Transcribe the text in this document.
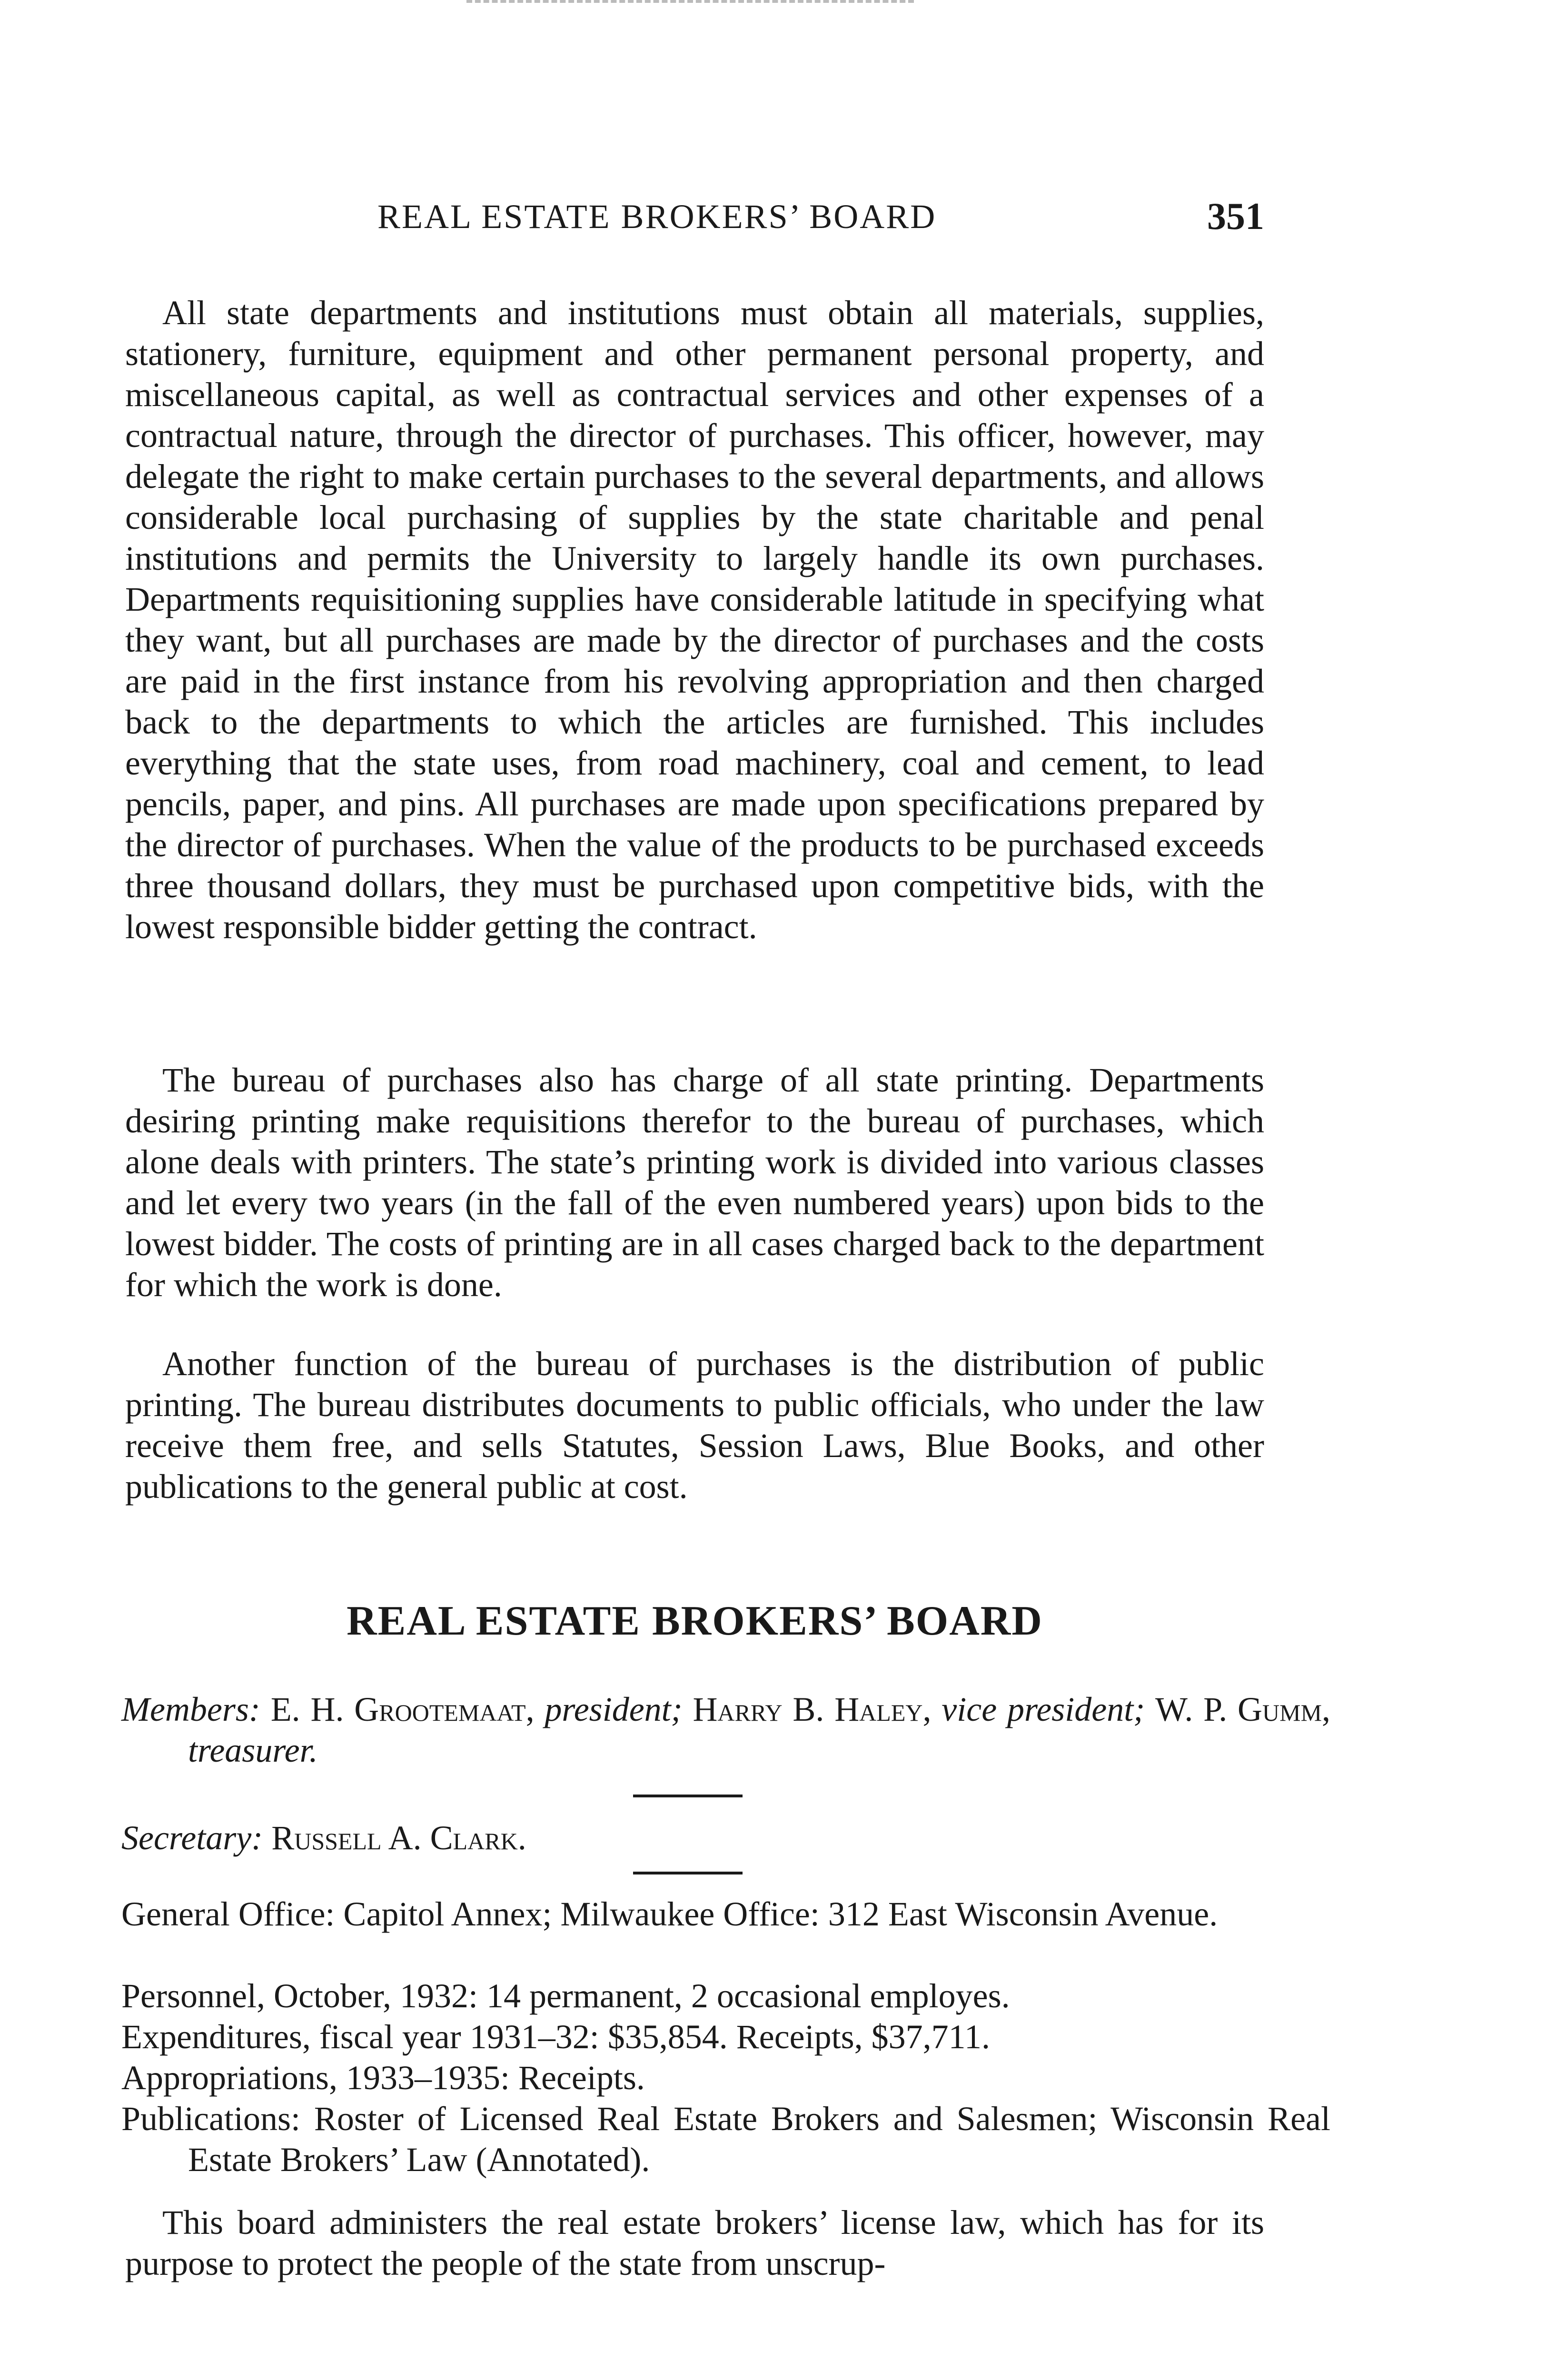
REAL ESTATE BROKERS’ BOARD	351
All state departments and institutions must obtain all materials, supplies, stationery, furniture, equipment and other permanent personal property, and miscellaneous capital, as well as contractual services and other expenses of a contractual nature, through the director of purchases. This officer, however, may delegate the right to make certain purchases to the several departments, and allows considerable local purchasing of supplies by the state charitable and penal institutions and permits the University to largely handle its own purchases. Departments requisitioning supplies have considerable latitude in specifying what they want, but all purchases are made by the director of purchases and the costs are paid in the first instance from his revolving appropriation and then charged back to the departments to which the articles are furnished. This includes everything that the state uses, from road machinery, coal and cement, to lead pencils, paper, and pins. All purchases are made upon specifications prepared by the director of purchases. When the value of the products to be purchased exceeds three thousand dollars, they must be purchased upon competitive bids, with the lowest responsible bidder getting the contract.
The bureau of purchases also has charge of all state printing. Departments desiring printing make requisitions therefor to the bureau of purchases, which alone deals with printers. The state’s printing work is divided into various classes and let every two years (in the fall of the even numbered years) upon bids to the lowest bidder. The costs of printing are in all cases charged back to the department for which the work is done.
Another function of the bureau of purchases is the distribution of public printing. The bureau distributes documents to public officials, who under the law receive them free, and sells Statutes, Session Laws, Blue Books, and other publications to the general public at cost.
REAL ESTATE BROKERS’ BOARD
Members: E. H. Grootemaat, president; Harry B. Haley, vice president; W. P. Gumm, treasurer.
Secretary: Russell A. Clark.
General Office: Capitol Annex; Milwaukee Office: 312 East Wisconsin Avenue.
Personnel, October, 1932: 14 permanent, 2 occasional employes.
Expenditures, fiscal year 1931–32: $35,854. Receipts, $37,711.
Appropriations, 1933–1935: Receipts.
Publications: Roster of Licensed Real Estate Brokers and Salesmen; Wisconsin Real Estate Brokers’ Law (Annotated).
This board administers the real estate brokers’ license law, which has for its purpose to protect the people of the state from unscrup-
